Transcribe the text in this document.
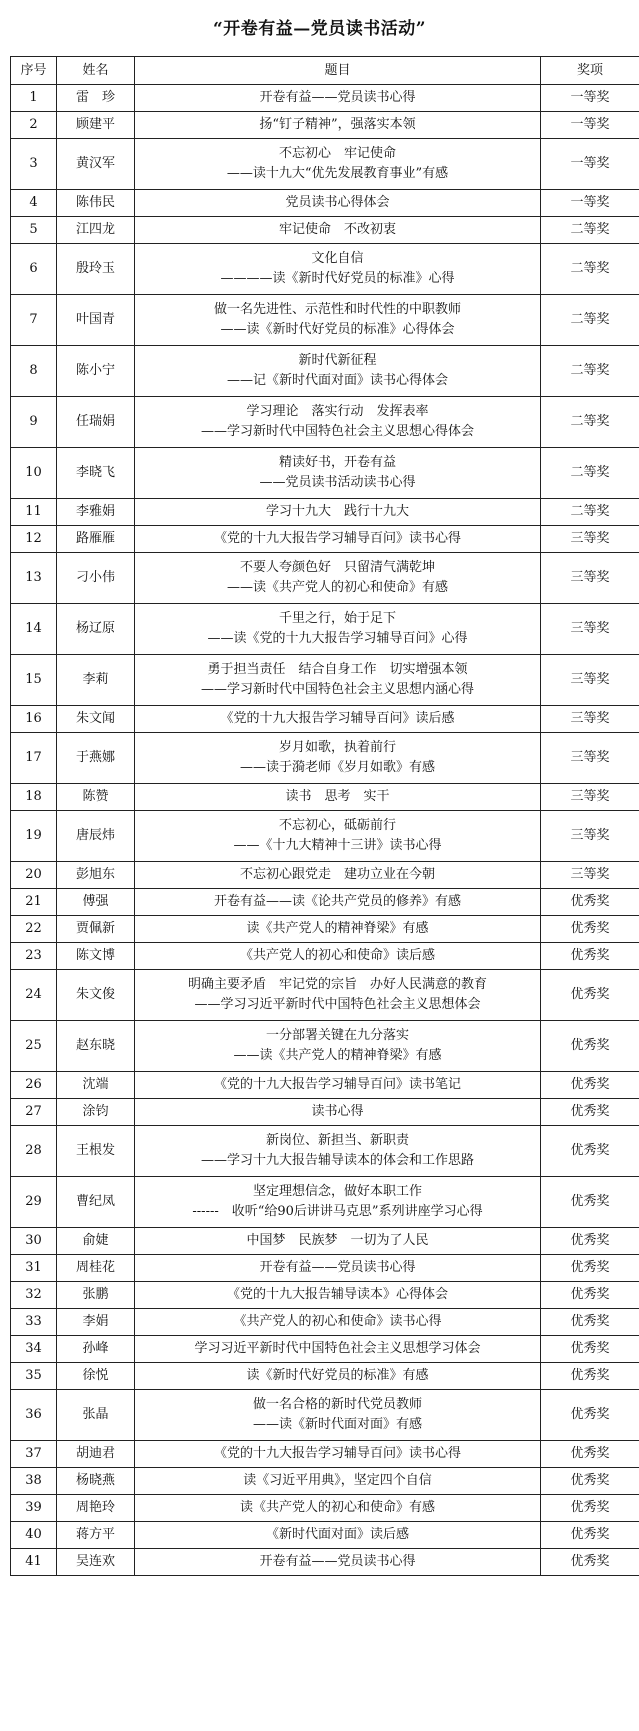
“开卷有益—党员读书活动”
序号	姓名	题目	奖项
1	雷　珍	开卷有益——党员读书心得	一等奖
2	顾建平	扬“钉子精神”，强落实本领	一等奖
3	黄汉军	不忘初心　牢记使命
——读十九大“优先发展教育事业”有感	一等奖
4	陈伟民	党员读书心得体会	一等奖
5	江四龙	牢记使命　不改初衷	二等奖
6	殷玲玉	文化自信
————读《新时代好党员的标准》心得	二等奖
7	叶国青	做一名先进性、示范性和时代性的中职教师
——读《新时代好党员的标准》心得体会	二等奖
8	陈小宁	新时代新征程
——记《新时代面对面》读书心得体会	二等奖
9	任瑞娟	学习理论　落实行动　发挥表率
——学习新时代中国特色社会主义思想心得体会	二等奖
10	李晓飞	精读好书，开卷有益
——党员读书活动读书心得	二等奖
11	李雅娟	学习十九大　践行十九大	二等奖
12	路雁雁	《党的十九大报告学习辅导百问》读书心得	三等奖
13	刁小伟	不要人夸颜色好　只留清气满乾坤
——读《共产党人的初心和使命》有感	三等奖
14	杨辽原	千里之行，始于足下
——读《党的十九大报告学习辅导百问》心得	三等奖
15	李莉	勇于担当责任　结合自身工作　切实增强本领
——学习新时代中国特色社会主义思想内涵心得	三等奖
16	朱文闻	《党的十九大报告学习辅导百问》读后感	三等奖
17	于燕娜	岁月如歌，执着前行
——读于漪老师《岁月如歌》有感	三等奖
18	陈赞	读书　思考　实干	三等奖
19	唐辰炜	不忘初心，砥砺前行
——《十九大精神十三讲》读书心得	三等奖
20	彭旭东	不忘初心跟党走　建功立业在今朝	三等奖
21	傅强	开卷有益——读《论共产党员的修养》有感	优秀奖
22	贾佩新	读《共产党人的精神脊梁》有感	优秀奖
23	陈文博	《共产党人的初心和使命》读后感	优秀奖
24	朱文俊	明确主要矛盾　牢记党的宗旨　办好人民满意的教育
——学习习近平新时代中国特色社会主义思想体会	优秀奖
25	赵东晓	一分部署关键在九分落实
——读《共产党人的精神脊梁》有感	优秀奖
26	沈端	《党的十九大报告学习辅导百问》读书笔记	优秀奖
27	涂钧	读书心得	优秀奖
28	王根发	新岗位、新担当、新职责
——学习十九大报告辅导读本的体会和工作思路	优秀奖
29	曹纪凤	坚定理想信念，做好本职工作
------　收听“给90后讲讲马克思”系列讲座学习心得	优秀奖
30	俞婕	中国梦　民族梦　一切为了人民	优秀奖
31	周桂花	开卷有益——党员读书心得	优秀奖
32	张鹏	《党的十九大报告辅导读本》心得体会	优秀奖
33	李娟	《共产党人的初心和使命》读书心得	优秀奖
34	孙峰	学习习近平新时代中国特色社会主义思想学习体会	优秀奖
35	徐悦	读《新时代好党员的标准》有感	优秀奖
36	张晶	做一名合格的新时代党员教师
——读《新时代面对面》有感	优秀奖
37	胡迪君	《党的十九大报告学习辅导百问》读书心得	优秀奖
38	杨晓燕	读《习近平用典》，坚定四个自信	优秀奖
39	周艳玲	读《共产党人的初心和使命》有感	优秀奖
40	蒋方平	《新时代面对面》读后感	优秀奖
41	吴连欢	开卷有益——党员读书心得	优秀奖
